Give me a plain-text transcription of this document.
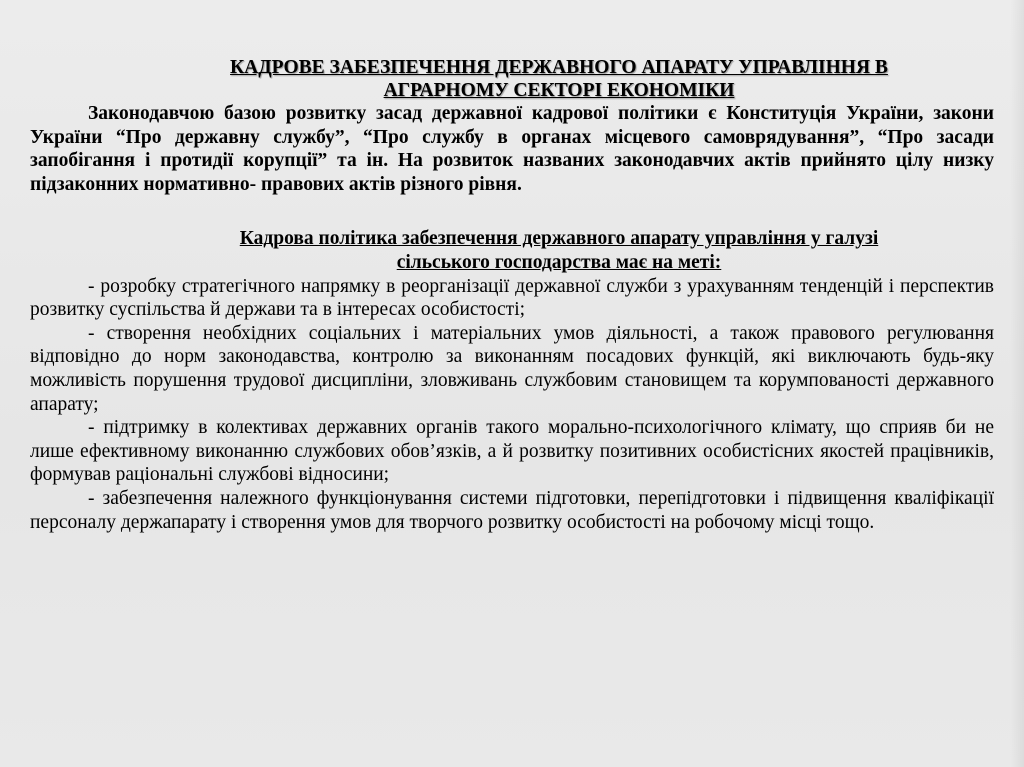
КАДРОВЕ ЗАБЕЗПЕЧЕННЯ ДЕРЖАВНОГО АПАРАТУ УПРАВЛІННЯ В
АГРАРНОМУ СЕКТОРІ ЕКОНОМІКИ

Законодавчою базою розвитку засад державної кадрової політики є Конституція України, закони України “Про державну службу”, “Про службу в органах місцевого самоврядування”, “Про засади запобігання і протидії корупції” та ін. На розвиток названих законодавчих актів прийнято цілу низку підзаконних нормативно- правових актів різного рівня.

Кадрова політика забезпечення державного апарату управління у галузі
сільського господарства має на меті:

- розробку стратегічного напрямку в реорганізації державної служби з урахуванням тенденцій і перспектив розвитку суспільства й держави та в інтересах особистості;

- створення необхідних соціальних і матеріальних умов діяльності, а також правового регулювання відповідно до норм законодавства, контролю за виконанням посадових функцій, які виключають будь-яку можливість порушення трудової дисципліни, зловживань службовим становищем та корумпованості державного апарату;

- підтримку в колективах державних органів такого морально-психологічного клімату, що сприяв би не лише ефективному виконанню службових обов’язків, а й розвитку позитивних особистісних якостей працівників, формував раціональні службові відносини;

- забезпечення належного функціонування системи підготовки, перепідготовки і підвищення кваліфікації персоналу держапарату і створення умов для творчого розвитку особистості на робочому місці тощо.
